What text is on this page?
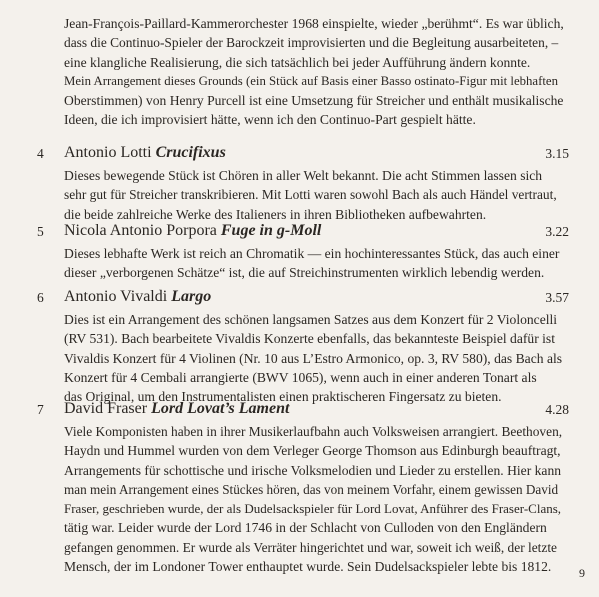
Jean-François-Paillard-Kammerorchester 1968 einspielte, wieder „berühmt“. Es war üblich,

dass die Continuo-Spieler der Barockzeit improvisierten und die Begleitung ausarbeiteten, –

eine klangliche Realisierung, die sich tatsächlich bei jeder Aufführung ändern konnte.

Mein Arrangement dieses Grounds (ein Stück auf Basis einer Basso ostinato-Figur mit lebhaften

Oberstimmen) von Henry Purcell ist eine Umsetzung für Streicher und enthält musikalische

Ideen, die ich improvisiert hätte, wenn ich den Continuo-Part gespielt hätte.

4 Antonio Lotti Crucifixus	3.15

Dieses bewegende Stück ist Chören in aller Welt bekannt. Die acht Stimmen lassen sich

sehr gut für Streicher transkribieren. Mit Lotti waren sowohl Bach als auch Händel vertraut,

die beide zahlreiche Werke des Italieners in ihren Bibliotheken aufbewahrten.

5 Nicola Antonio Porpora Fuge in g-Moll	3.22

Dieses lebhafte Werk ist reich an Chromatik — ein hochinteressantes Stück, das auch einer

dieser „verborgenen Schätze“ ist, die auf Streichinstrumenten wirklich lebendig werden.

6 Antonio Vivaldi Largo	3.57

Dies ist ein Arrangement des schönen langsamen Satzes aus dem Konzert für 2 Violoncelli

(RV 531). Bach bearbeitete Vivaldis Konzerte ebenfalls, das bekannteste Beispiel dafür ist

Vivaldis Konzert für 4 Violinen (Nr. 10 aus L’Estro Armonico, op. 3, RV 580), das Bach als

Konzert für 4 Cembali arrangierte (BWV 1065), wenn auch in einer anderen Tonart als

das Original, um den Instrumentalisten einen praktischeren Fingersatz zu bieten.

7 David Fraser Lord Lovat’s Lament	4.28

Viele Komponisten haben in ihrer Musikerlaufbahn auch Volksweisen arrangiert. Beethoven,

Haydn und Hummel wurden von dem Verleger George Thomson aus Edinburgh beauftragt,

Arrangements für schottische und irische Volksmelodien und Lieder zu erstellen. Hier kann

man mein Arrangement eines Stückes hören, das von meinem Vorfahr, einem gewissen David

Fraser, geschrieben wurde, der als Dudelsackspieler für Lord Lovat, Anführer des Fraser-Clans,

tätig war. Leider wurde der Lord 1746 in der Schlacht von Culloden von den Engländern

gefangen genommen. Er wurde als Verräter hingerichtet und war, soweit ich weiß, der letzte

Mensch, der im Londoner Tower enthauptet wurde. Sein Dudelsackspieler lebte bis 1812.	9
